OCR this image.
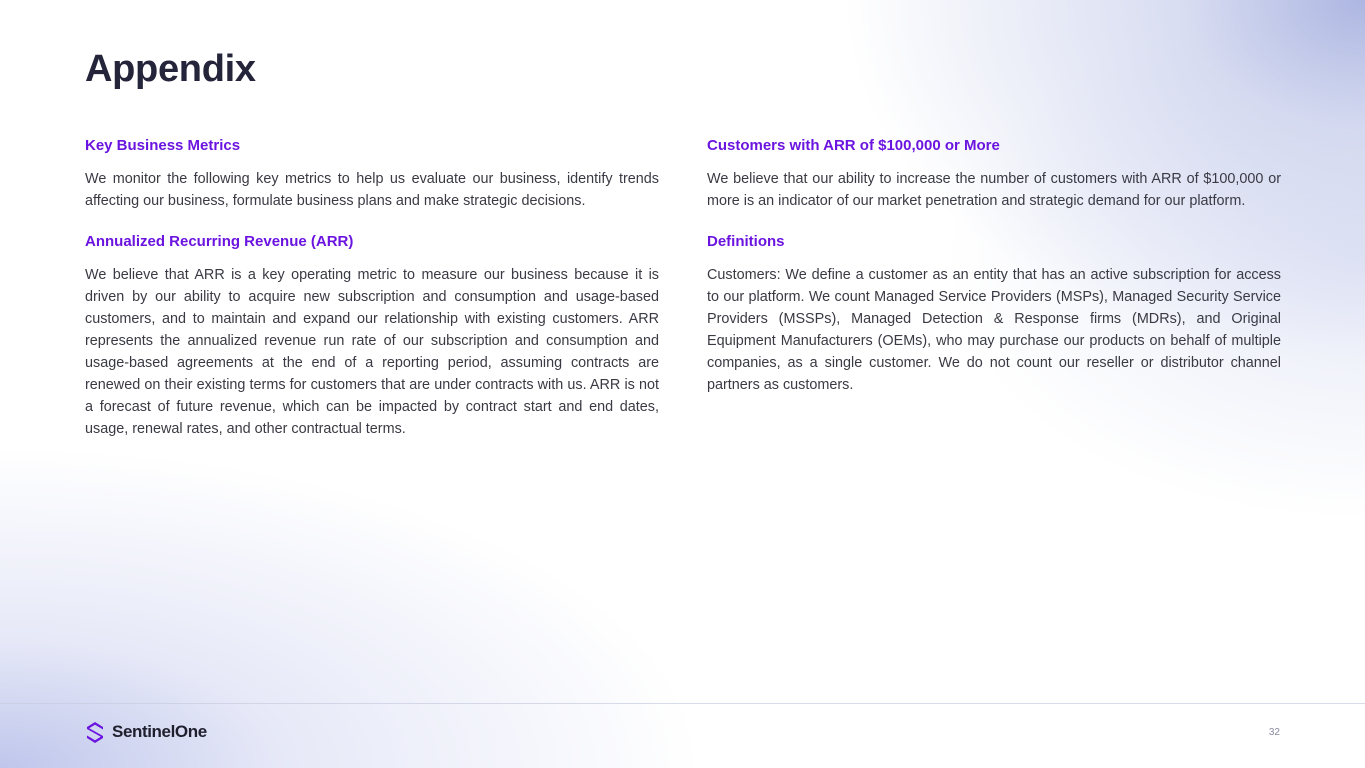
Appendix
Key Business Metrics

We monitor the following key metrics to help us evaluate our business, identify trends affecting our business, formulate business plans and make strategic decisions.

Annualized Recurring Revenue (ARR)

We believe that ARR is a key operating metric to measure our business because it is driven by our ability to acquire new subscription and consumption and usage-based customers, and to maintain and expand our relationship with existing customers. ARR represents the annualized revenue run rate of our subscription and consumption and usage-based agreements at the end of a reporting period, assuming contracts are renewed on their existing terms for customers that are under contracts with us. ARR is not a forecast of future revenue, which can be impacted by contract start and end dates, usage, renewal rates, and other contractual terms.

Customers with ARR of $100,000 or More

We believe that our ability to increase the number of customers with ARR of $100,000 or more is an indicator of our market penetration and strategic demand for our platform.

Definitions

Customers: We define a customer as an entity that has an active subscription for access to our platform. We count Managed Service Providers (MSPs), Managed Security Service Providers (MSSPs), Managed Detection & Response firms (MDRs), and Original Equipment Manufacturers (OEMs), who may purchase our products on behalf of multiple companies, as a single customer. We do not count our reseller or distributor channel partners as customers.

SentinelOne	32
